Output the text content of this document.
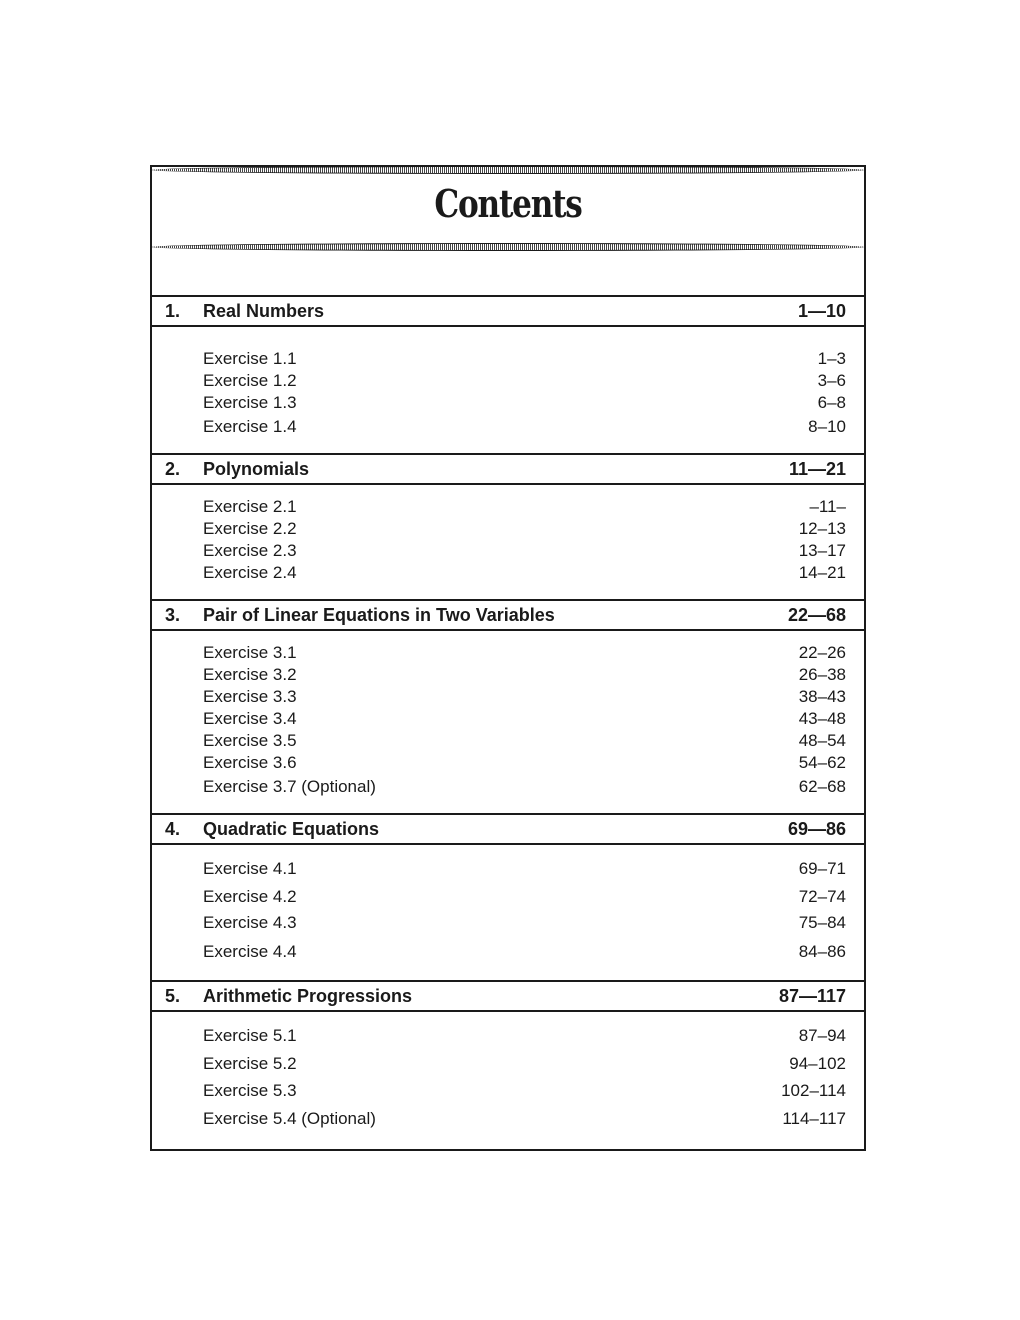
Contents
1. Real Numbers	1—10
Exercise 1.1	1–3
Exercise 1.2	3–6
Exercise 1.3	6–8
Exercise 1.4	8–10
2. Polynomials	11—21
Exercise 2.1	–11–
Exercise 2.2	12–13
Exercise 2.3	13–17
Exercise 2.4	14–21
3. Pair of Linear Equations in Two Variables	22—68
Exercise 3.1	22–26
Exercise 3.2	26–38
Exercise 3.3	38–43
Exercise 3.4	43–48
Exercise 3.5	48–54
Exercise 3.6	54–62
Exercise 3.7 (Optional)	62–68
4. Quadratic Equations	69—86
Exercise 4.1	69–71
Exercise 4.2	72–74
Exercise 4.3	75–84
Exercise 4.4	84–86
5. Arithmetic Progressions	87—117
Exercise 5.1	87–94
Exercise 5.2	94–102
Exercise 5.3	102–114
Exercise 5.4 (Optional)	114–117
